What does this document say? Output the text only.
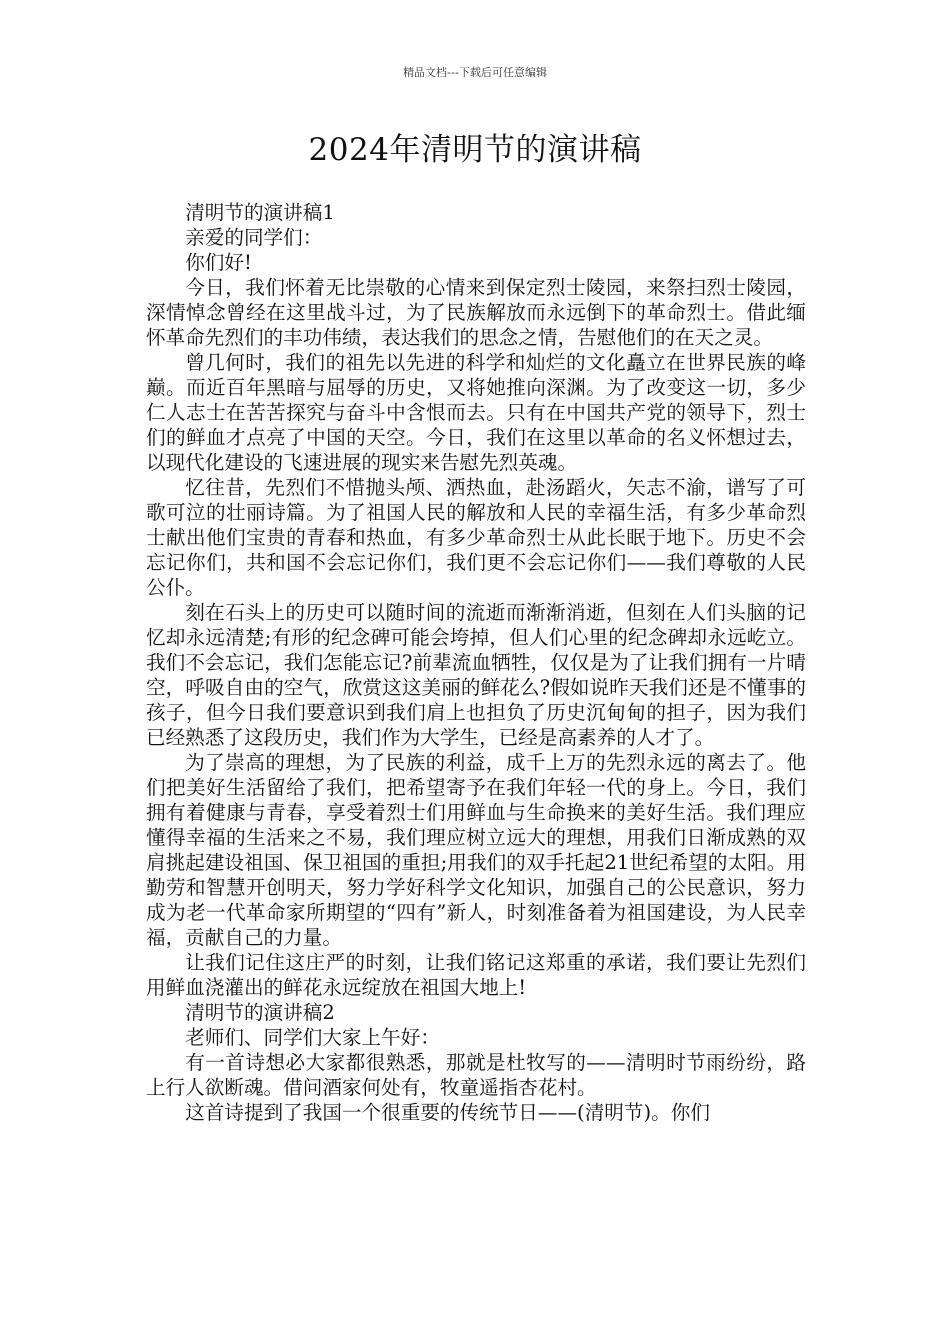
精品文档---下载后可任意编辑
2024年清明节的演讲稿

清明节的演讲稿1

亲爱的同学们：

你们好!

今日，我们怀着无比崇敬的心情来到保定烈士陵园，来祭扫烈士陵园，深情悼念曾经在这里战斗过，为了民族解放而永远倒下的革命烈士。借此缅怀革命先烈们的丰功伟绩，表达我们的思念之情，告慰他们的在天之灵。

曾几何时，我们的祖先以先进的科学和灿烂的文化矗立在世界民族的峰巅。而近百年黑暗与屈辱的历史，又将她推向深渊。为了改变这一切，多少仁人志士在苦苦探究与奋斗中含恨而去。只有在中国共产党的领导下，烈士们的鲜血才点亮了中国的天空。今日，我们在这里以革命的名义怀想过去，以现代化建设的飞速进展的现实来告慰先烈英魂。

忆往昔，先烈们不惜抛头颅、洒热血，赴汤蹈火，矢志不渝，谱写了可歌可泣的壮丽诗篇。为了祖国人民的解放和人民的幸福生活，有多少革命烈士献出他们宝贵的青春和热血，有多少革命烈士从此长眠于地下。历史不会忘记你们，共和国不会忘记你们，我们更不会忘记你们——我们尊敬的人民公仆。

刻在石头上的历史可以随时间的流逝而渐渐消逝，但刻在人们头脑的记忆却永远清楚;有形的纪念碑可能会垮掉，但人们心里的纪念碑却永远屹立。我们不会忘记，我们怎能忘记?前辈流血牺牲，仅仅是为了让我们拥有一片晴空，呼吸自由的空气，欣赏这这美丽的鲜花么?假如说昨天我们还是不懂事的孩子，但今日我们要意识到我们肩上也担负了历史沉甸甸的担子，因为我们已经熟悉了这段历史，我们作为大学生，已经是高素养的人才了。

为了崇高的理想，为了民族的利益，成千上万的先烈永远的离去了。他们把美好生活留给了我们，把希望寄予在我们年轻一代的身上。今日，我们拥有着健康与青春，享受着烈士们用鲜血与生命换来的美好生活。我们理应懂得幸福的生活来之不易，我们理应树立远大的理想，用我们日渐成熟的双肩挑起建设祖国、保卫祖国的重担;用我们的双手托起21世纪希望的太阳。用勤劳和智慧开创明天，努力学好科学文化知识，加强自己的公民意识，努力成为老一代革命家所期望的“四有”新人，时刻准备着为祖国建设，为人民幸福，贡献自己的力量。

让我们记住这庄严的时刻，让我们铭记这郑重的承诺，我们要让先烈们用鲜血浇灌出的鲜花永远绽放在祖国大地上!

清明节的演讲稿2

老师们、同学们大家上午好：

有一首诗想必大家都很熟悉，那就是杜牧写的——清明时节雨纷纷，路上行人欲断魂。借问酒家何处有，牧童遥指杏花村。

这首诗提到了我国一个很重要的传统节日——(清明节)。你们
